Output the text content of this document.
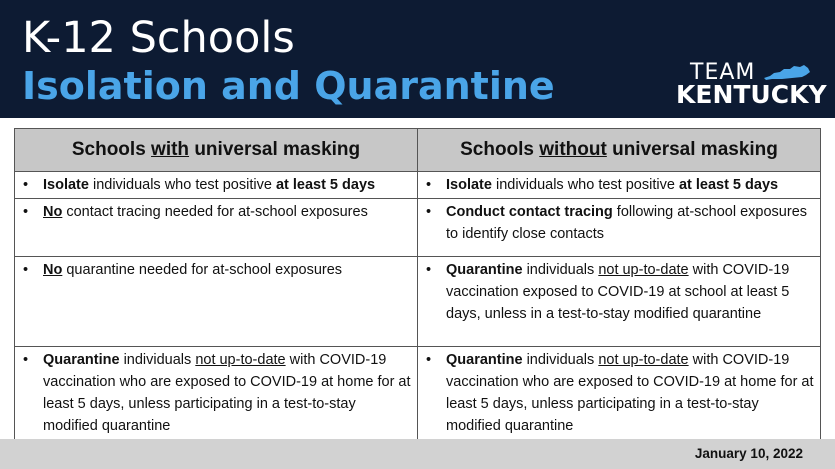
K-12 Schools
Isolation and Quarantine	TEAM
KENTUCKY
Schools with universal masking	Schools without universal masking

• Isolate individuals who test positive at least 5 days	• Isolate individuals who test positive at least 5 days

• No contact tracing needed for at-school exposures	• Conduct contact tracing following at-school exposures to identify close contacts

• No quarantine needed for at-school exposures	• Quarantine individuals not up-to-date with COVID-19 vaccination exposed to COVID-19 at school at least 5 days, unless in a test-to-stay modified quarantine

• Quarantine individuals not up-to-date with COVID-19 vaccination who are exposed to COVID-19 at home for at least 5 days, unless participating in a test-to-stay modified quarantine	• Quarantine individuals not up-to-date with COVID-19 vaccination who are exposed to COVID-19 at home for at least 5 days, unless participating in a test-to-stay modified quarantine
January 10, 2022
